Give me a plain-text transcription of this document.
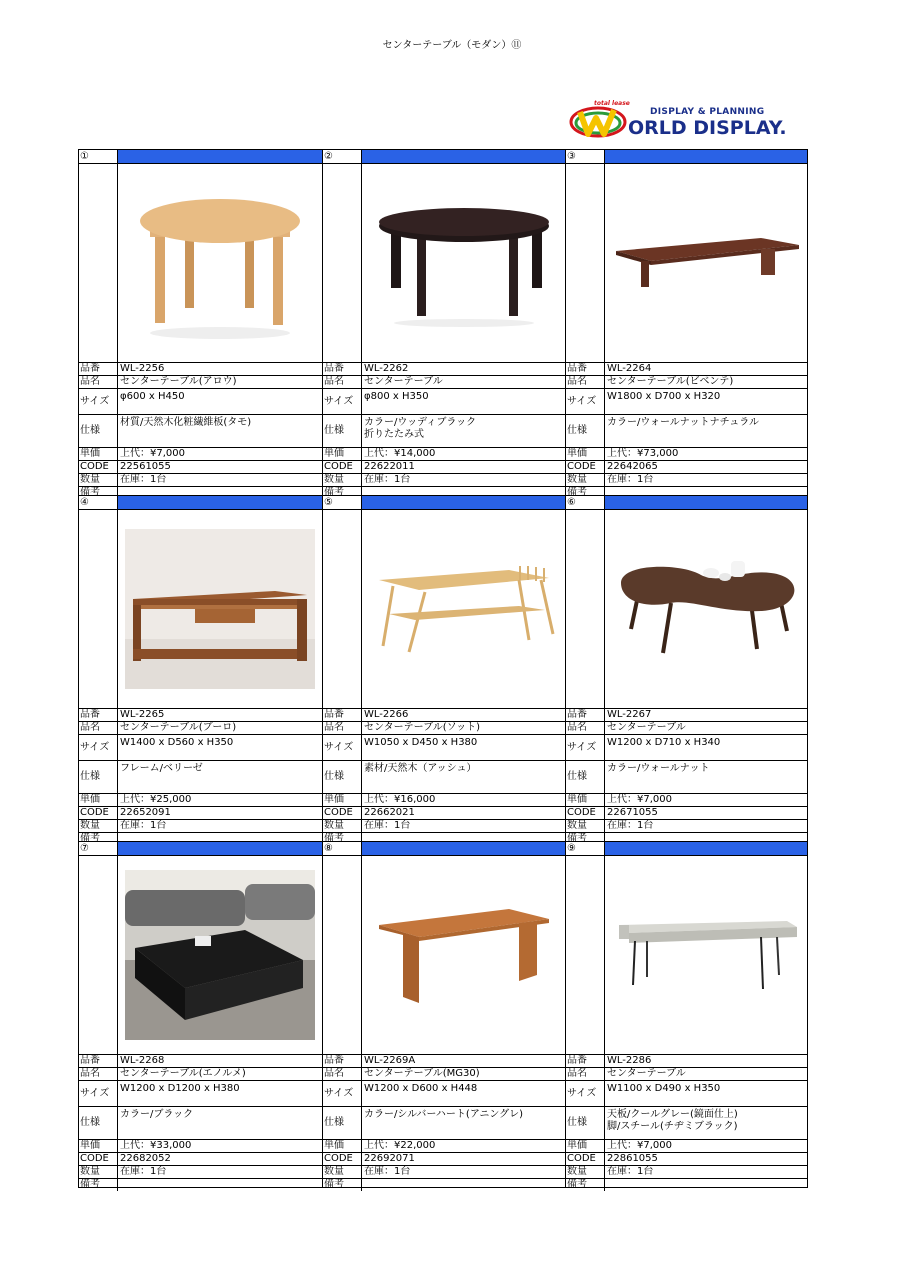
センターテーブル（モダン）⑪
total lease
DISPLAY & PLANNING
ORLD DISPLAY.
①
品番	WL-2256
品名	センターテーブル(アロウ)
サイズ	φ600 x H450
仕様
材質/天然木化粧繊維板(タモ)
単価	上代：¥7,000
CODE	22561055
数量	在庫：1台
備考
②
品番	WL-2262
品名	センターテーブル
サイズ	φ800 x H350
仕様
カラー/ウッディブラック
折りたたみ式
単価	上代：¥14,000
CODE	22622011
数量	在庫：1台
備考
③
品番	WL-2264
品名	センターテーブル(ビベンテ)
サイズ	W1800 x D700 x H320
仕様
カラー/ウォールナットナチュラル
単価	上代：¥73,000
CODE	22642065
数量	在庫：1台
備考
④
品番	WL-2265
品名	センターテーブル(ブーロ)
サイズ	W1400 x D560 x H350
仕様
フレーム/ベリーゼ
単価	上代：¥25,000
CODE	22652091
数量	在庫：1台
備考
⑤
品番	WL-2266
品名	センターテーブル(ソット)
サイズ	W1050 x D450 x H380
仕様
素材/天然木（アッシュ）
単価	上代：¥16,000
CODE	22662021
数量	在庫：1台
備考
⑥
品番	WL-2267
品名	センターテーブル
サイズ	W1200 x D710 x H340
仕様
カラー/ウォールナット
単価	上代：¥7,000
CODE	22671055
数量	在庫：1台
備考
⑦
品番	WL-2268
品名	センターテーブル(エノルメ)
サイズ	W1200 x D1200 x H380
仕様
カラー/ブラック
単価	上代：¥33,000
CODE	22682052
数量	在庫：1台
備考
⑧
品番	WL-2269A
品名	センターテーブル(MG30)
サイズ	W1200 x D600 x H448
仕様
カラー/シルバーハート(アニングレ)
単価	上代：¥22,000
CODE	22692071
数量	在庫：1台
備考
⑨
品番	WL-2286
品名	センターテーブル
サイズ	W1100 x D490 x H350
仕様
天板/クールグレー(鏡面仕上)
脚/スチール(チヂミブラック)
単価	上代：¥7,000
CODE	22861055
数量	在庫：1台
備考
